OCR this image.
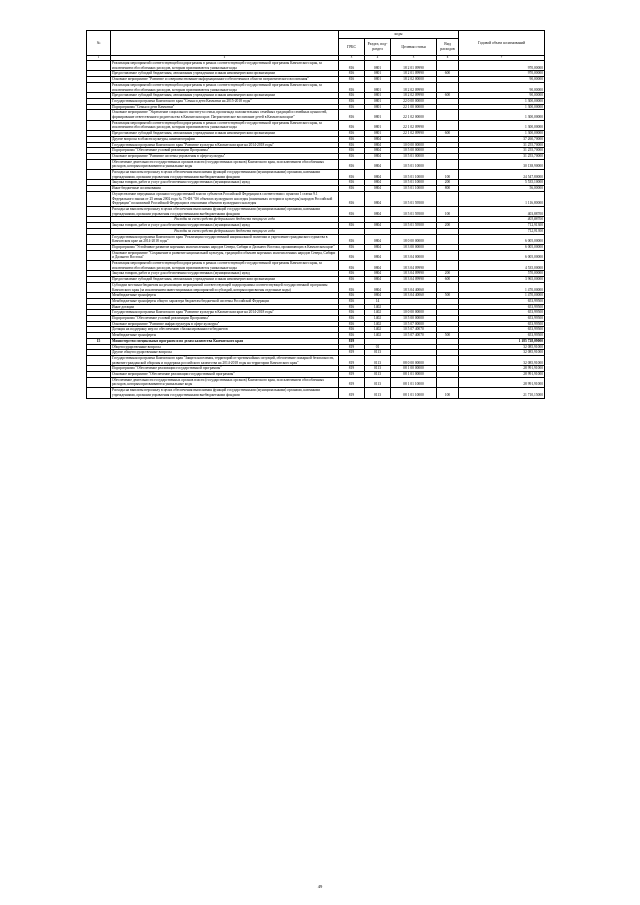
№		коды				Годовой объем ассигнований
		ГРБС	Раздел, под-раздел	Целевая статья	Вид расходов	
1	2	3	4	5	6	7
	Реализация мероприятий соответствующей подпрограммы в рамках соответствующей государственной программы Камчатского края, за исключением обособленных расходов, которым присваиваются уникальные коды	816	0801	18 2 01 09990		970,00000
	Предоставление субсидий бюджетным, автономным учреждениям и иным некоммерческим организациям	816	0801	18 2 01 09990	600	970,00000
	Основное мероприятие "Развитие и совершенствование информационного обеспечения в области патриотического воспитания"	816	0801	18 2 02 00000		90,00000
	Реализация мероприятий соответствующей подпрограммы в рамках соответствующей государственной программы Камчатского края, за исключением обособленных расходов, которым присваиваются уникальные коды	816	0801	18 2 02 09990		90,00000
	Предоставление субсидий бюджетным, автономным учреждениям и иным некоммерческим организациям	816	0801	18 2 02 09990	600	90,00000
	Государственная программа Камчатского края "Семья и дети Камчатки на 2015-2018 годы"	816	0801	22 0 00 00000		1 300,00000
	Подпрограмма "Семья и дети Камчатки"	816	0801	22 1 00 00000		1 300,00000
	Основное мероприятие "Укрепление социального института семьи, пропаганда положительных семейных традиций и семейных ценностей, формирование ответственного родительства в Камчатском крае. Патриотическое воспитание детей в Камчатском крае"	816	0801	22 1 02 00000		1 300,00000
	Реализация мероприятий соответствующей подпрограммы в рамках соответствующей государственной программы Камчатского края, за исключением обособленных расходов, которым присваиваются уникальные коды	816	0801	22 1 02 09990		1 300,00000
	Предоставление субсидий бюджетным, автономным учреждениям и иным некоммерческим организациям	816	0801	22 1 02 09990	600	1 300,00000
	Другие вопросы в области культуры, кинематографии	816	0804			37 260,70000
	Государственная программа Камчатского края "Развитие культуры в Камчатском крае на 2014-2018 годы"	816	0804	10 0 00 00000		31 255,70000
	Подпрограмма "Обеспечение условий реализации Программы"	816	0804	10 5 00 00000		31 255,70000
	Основное мероприятие "Развитие системы управления в сфере культуры"	816	0804	10 5 01 00000		31 255,70000
	Обеспечение деятельности государственных органов власти (государственных органов) Камчатского края, за исключением обособленных расходов, которым присваиваются уникальные коды	816	0804	10 5 01 10000		30 138,90000
	Расходы на выплаты персоналу в целях обеспечения выполнения функций государственными (муниципальными) органами, казенными учреждениями, органами управления государственными внебюджетными фондами	816	0804	10 5 01 10000	100	24 547,80000
	Закупка товаров, работ и услуг для обеспечения государственных (муниципальных) нужд	816	0804	10 5 01 10000	200	5 535,10000
	Иные бюджетные ассигнования	816	0804	10 5 01 10000	800	56,00000
	Осуществление переданных органам государственной власти субъектов Российской Федерации в соответствии с пунктом 1 статьи 9.1 Федерального закона от 25 июня 2002 года № 73-ФЗ "Об объектах культурного наследия (памятниках истории и культуры) народов Российской Федерации" полномочий Российской Федерации в отношении объектов культурного наследия	816	0804	10 5 01 59500		1 116,80000
	Расходы на выплаты персоналу в целях обеспечения выполнения функций государственными (муниципальными) органами, казенными учреждениями, органами управления государственными внебюджетными фондами	816	0804	10 5 01 59500	100	403,88700
	Расходы за счет средств федерального бюджета текущего года					403,88700
	Закупка товаров, работ и услуг для обеспечения государственных (муниципальных) нужд	816	0804	10 5 01 59500	200	712,91300
	Расходы за счет средств федерального бюджета текущего года					712,91300
	Государственная программа Камчатского края "Реализация государственной национальной политики и укрепление гражданского единства в Камчатском крае на 2014-2018 годы"	816	0804	18 0 00 00000		6 005,00000
	Подпрограмма "Устойчивое развитие коренных малочисленных народов Севера, Сибири и Дальнего Востока, проживающих в Камчатском крае"	816	0804	18 3 00 00000		6 005,00000
	Основное мероприятие "Сохранение и развитие национальной культуры, традиций и обычаев коренных малочисленных народов Севера, Сибири и Дальнего Востока"	816	0804	18 3 04 00000		6 005,00000
	Реализация мероприятий соответствующей подпрограммы в рамках соответствующей государственной программы Камчатского края, за исключением обособленных расходов, которым присваиваются уникальные коды	816	0804	18 3 04 09990		4 535,00000
	Закупка товаров, работ и услуг для обеспечения государственных (муниципальных) нужд	816	0804	18 3 04 09990	200	570,00000
	Предоставление субсидий бюджетным, автономным учреждениям и иным некоммерческим организациям	816	0804	18 3 04 09990	600	3 965,00000
	Субсидии местным бюджетам на реализацию мероприятий соответствующей подпрограммы соответствующей государственной программы Камчатского края (за исключением инвестиционных мероприятий и субсидий, которым присвоены отдельные коды)	816	0804	18 3 04 40060		1 470,00000
	Межбюджетные трансферты	816	0804	18 3 04 40060	500	1 470,00000
	Межбюджетные трансферты общего характера бюджетам бюджетной системы Российской Федерации	816	14			653,99500
	Иные дотации	816	1402			653,99500
	Государственная программа Камчатского края "Развитие культуры в Камчатском крае на 2014-2018 годы"	816	1402	10 0 00 00000		653,99500
	Подпрограмма "Обеспечение условий реализации Программы"	816	1402	10 5 00 00000		653,99500
	Основное мероприятие "Развитие инфраструктуры в сфере культуры"	816	1402	10 5 07 00000		653,99500
	Дотация на поддержку мер по обеспечению сбалансированности бюджетов	816	1402	10 5 07 40070		653,99500
	Межбюджетные трансферты	816	1402	10 5 07 40070	500	653,99500
15	Министерство специальных программ и по делам казачества Камчатского края	819				1 185 728,09000
	Общегосударственные вопросы	819	01			32 085,91000
	Другие общегосударственные вопросы	819	0113			32 085,91000
	Государственная программа Камчатского края "Защита населения, территорий от чрезвычайных ситуаций, обеспечение пожарной безопасности, развитие гражданской обороны и поддержка российского казачества на 2014-2018 годы на территории Камчатского края"	819	0113	08 0 00 00000		32 085,91000
	Подпрограмма "Обеспечение реализации государственной программы"	819	0113	08 1 00 00000		28 991,91000
	Основное мероприятие "Обеспечение реализации государственной программы"	819	0113	08 1 01 00000		28 991,91000
	Обеспечение деятельности государственных органов власти (государственных органов) Камчатского края, за исключением обособленных расходов, которым присваиваются уникальные коды	819	0113	08 1 01 10000		28 991,91000
	Расходы на выплаты персоналу в целях обеспечения выполнения функций государственными (муниципальными) органами, казенными учреждениями, органами управления государственными внебюджетными фондами	819	0113	08 1 01 10000	100	21 710,15000
49
